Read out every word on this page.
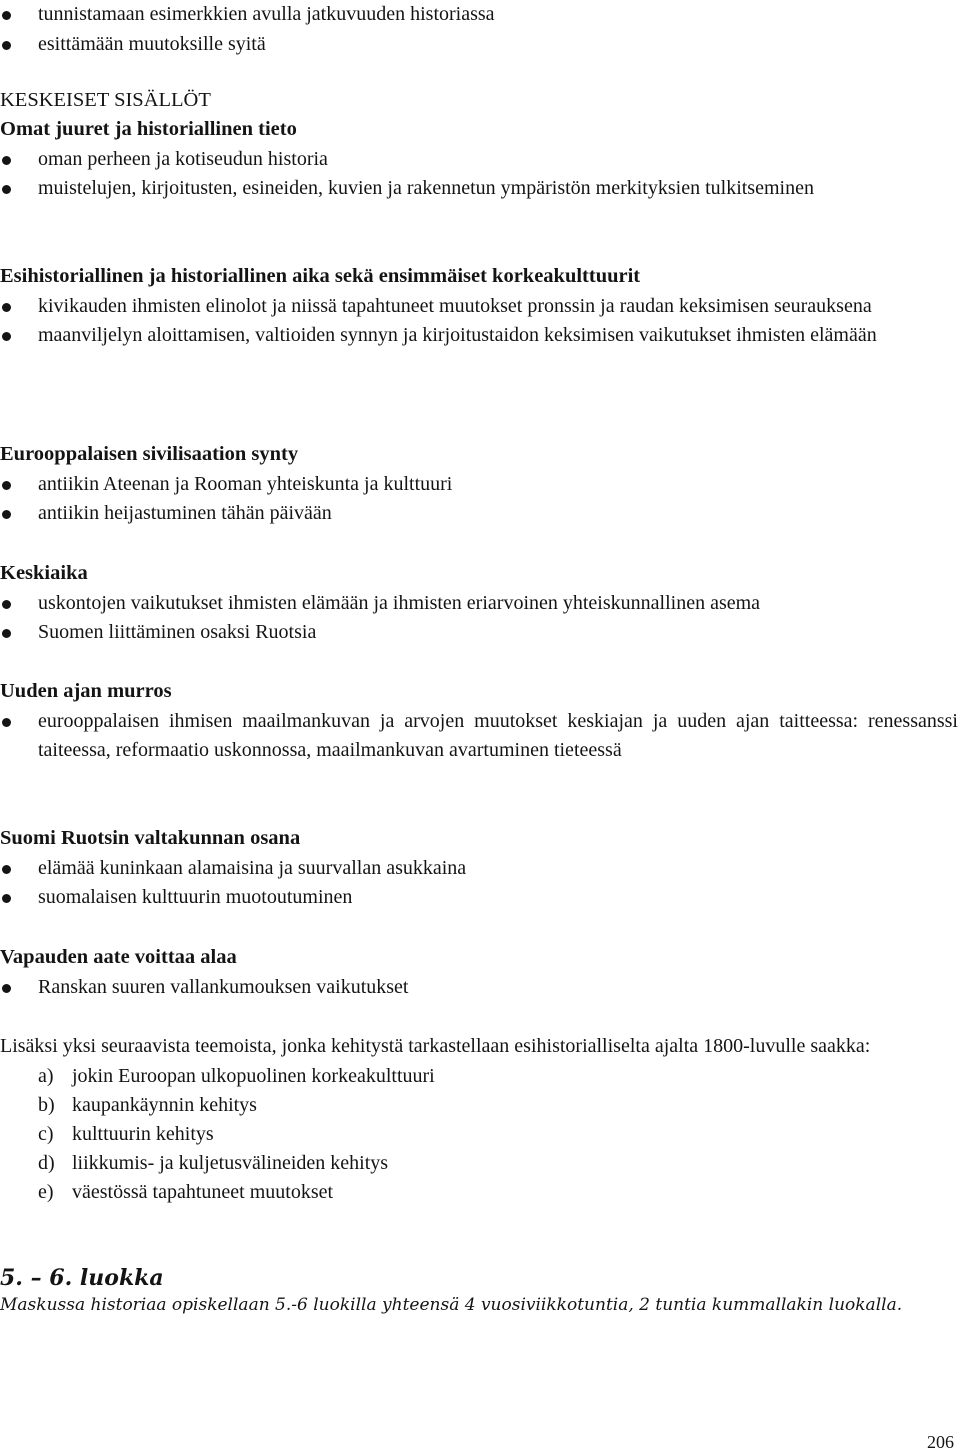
tunnistamaan esimerkkien avulla jatkuvuuden historiassa
esittämään muutoksille syitä
KESKEISET SISÄLLÖT
Omat juuret ja historiallinen tieto
oman perheen ja kotiseudun historia
muistelujen, kirjoitusten, esineiden, kuvien ja rakennetun ympäristön merkityksien tulkitseminen
Esihistoriallinen ja historiallinen aika sekä ensimmäiset korkeakulttuurit
kivikauden ihmisten elinolot ja niissä tapahtuneet muutokset pronssin ja raudan keksimisen seurauksena
maanviljelyn aloittamisen, valtioiden synnyn ja kirjoitustaidon keksimisen vaikutukset ihmisten elämään
Eurooppalaisen sivilisaation synty
antiikin Ateenan ja Rooman yhteiskunta ja kulttuuri
antiikin heijastuminen tähän päivään
Keskiaika
uskontojen vaikutukset ihmisten elämään ja ihmisten eriarvoinen yhteiskunnallinen asema
Suomen liittäminen osaksi Ruotsia
Uuden ajan murros
eurooppalaisen ihmisen maailmankuvan ja arvojen muutokset keskiajan ja uuden ajan taitteessa: renessanssi taiteessa, reformaatio uskonnossa, maailmankuvan avartuminen tieteessä
Suomi Ruotsin valtakunnan osana
elämää kuninkaan alamaisina ja suurvallan asukkaina
suomalaisen kulttuurin muotoutuminen
Vapauden aate voittaa alaa
Ranskan suuren vallankumouksen vaikutukset
Lisäksi yksi seuraavista teemoista, jonka kehitystä tarkastellaan esihistorialliselta ajalta 1800-luvulle saakka:
a) jokin Euroopan ulkopuolinen korkeakulttuuri
b) kaupankäynnin kehitys
c) kulttuurin kehitys
d) liikkumis- ja kuljetusvälineiden kehitys
e) väestössä tapahtuneet muutokset
5. – 6. luokka
Maskussa historiaa opiskellaan 5.-6 luokilla yhteensä 4 vuosiviikkotuntia, 2 tuntia kummallakin luokalla.
206
